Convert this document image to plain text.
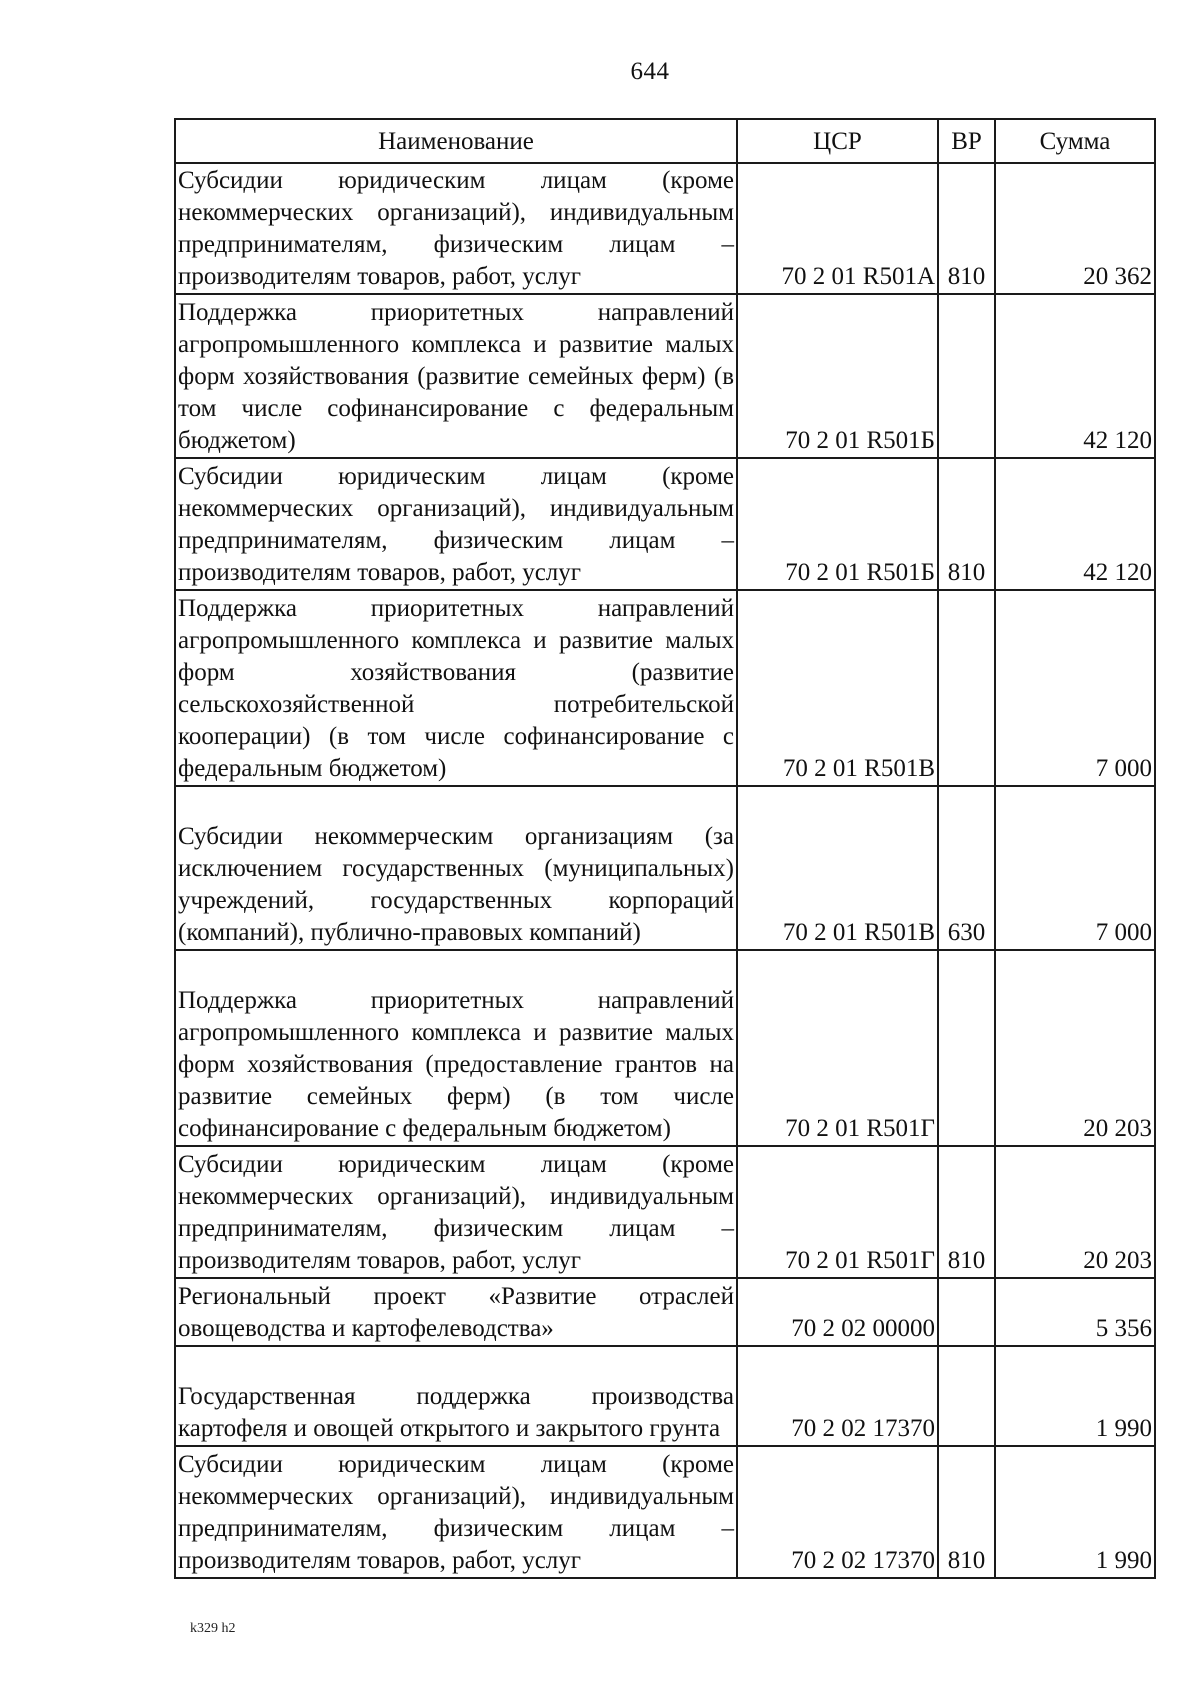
644
Наименование	ЦСР	ВР	Сумма
Субсидии юридическим лицам (кроме некоммерческих организаций), индивидуальным предпринимателям, физическим лицам – производителям товаров, работ, услуг	70 2 01 R501А	810	20 362
Поддержка приоритетных направлений агропромышленного комплекса и развитие малых форм хозяйствования (развитие семейных ферм) (в том числе софинансирование с федеральным бюджетом)	70 2 01 R501Б		42 120
Субсидии юридическим лицам (кроме некоммерческих организаций), индивидуальным предпринимателям, физическим лицам – производителям товаров, работ, услуг	70 2 01 R501Б	810	42 120
Поддержка приоритетных направлений агропромышленного комплекса и развитие малых форм хозяйствования (развитие сельскохозяйственной потребительской кооперации) (в том числе софинансирование с федеральным бюджетом)	70 2 01 R501В		7 000
Субсидии некоммерческим организациям (за исключением государственных (муниципальных) учреждений, государственных корпораций (компаний), публично-правовых компаний)	70 2 01 R501В	630	7 000
Поддержка приоритетных направлений агропромышленного комплекса и развитие малых форм хозяйствования (предоставление грантов на развитие семейных ферм) (в том числе софинансирование с федеральным бюджетом)	70 2 01 R501Г		20 203
Субсидии юридическим лицам (кроме некоммерческих организаций), индивидуальным предпринимателям, физическим лицам – производителям товаров, работ, услуг	70 2 01 R501Г	810	20 203
Региональный проект «Развитие отраслей овощеводства и картофелеводства»	70 2 02 00000		5 356
Государственная поддержка производства картофеля и овощей открытого и закрытого грунта	70 2 02 17370		1 990
Субсидии юридическим лицам (кроме некоммерческих организаций), индивидуальным предпринимателям, физическим лицам – производителям товаров, работ, услуг	70 2 02 17370	810	1 990
k329 h2
